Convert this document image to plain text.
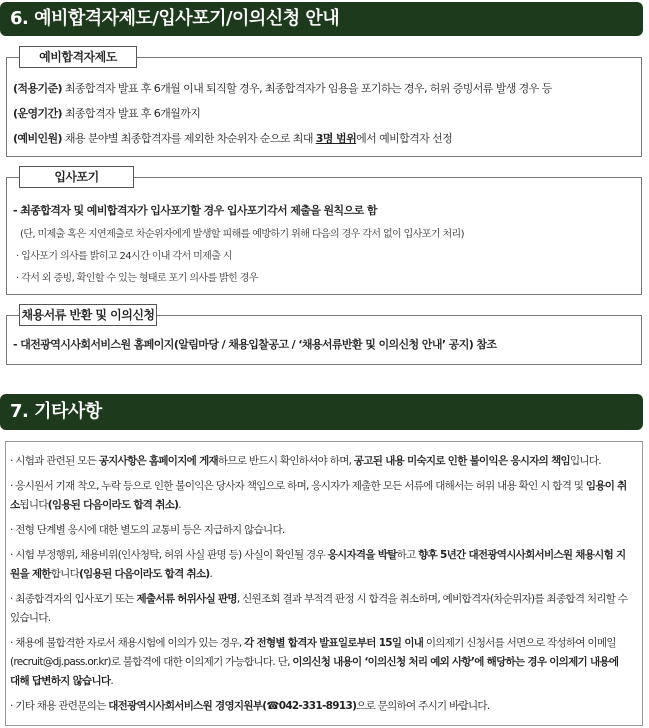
6. 예비합격자제도/입사포기/이의신청 안내
예비합격자제도
(적용기준) 최종합격자 발표 후 6개월 이내 퇴직할 경우, 최종합격자가 임용을 포기하는 경우, 허위 증빙서류 발생 경우 등
(운영기간) 최종합격자 발표 후 6개월까지
(예비인원) 채용 분야별 최종합격자를 제외한 차순위자 순으로 최대 3명 범위에서 예비합격자 선정
입사포기
- 최종합격자 및 예비합격자가 입사포기할 경우 입사포기각서 제출을 원칙으로 함
(단, 미제출 혹은 지연제출로 차순위자에게 발생할 피해를 예방하기 위해 다음의 경우 각서 없이 입사포기 처리)
· 입사포기 의사를 밝히고 24시간 이내 각서 미제출 시
· 각서 외 증빙, 확인할 수 있는 형태로 포기 의사를 밝힌 경우
채용서류 반환 및 이의신청
- 대전광역시사회서비스원 홈페이지(알림마당 / 채용입찰공고 / ‘채용서류반환 및 이의신청 안내’ 공지) 참조
7. 기타사항
· 시험과 관련된 모든 공지사항은 홈페이지에 게재하므로 반드시 확인하셔야 하며, 공고된 내용 미숙지로 인한 불이익은 응시자의 책임입니다.
· 응시원서 기재 착오, 누락 등으로 인한 불이익은 당사자 책임으로 하며, 응시자가 제출한 모든 서류에 대해서는 허위 내용 확인 시 합격 및 임용이 취소됩니다(임용된 다음이라도 합격 취소).
· 전형 단계별 응시에 대한 별도의 교통비 등은 지급하지 않습니다.
· 시험 부정행위, 채용비위(인사청탁, 허위 사실 판명 등) 사실이 확인될 경우 응시자격을 박탈하고 향후 5년간 대전광역시사회서비스원 채용시험 지원을 제한합니다(임용된 다음이라도 합격 취소).
· 최종합격자의 입사포기 또는 제출서류 허위사실 판명, 신원조회 결과 부적격 판정 시 합격을 취소하며, 예비합격자(차순위자)를 최종합격 처리할 수 있습니다.
· 채용에 불합격한 자로서 채용시험에 이의가 있는 경우, 각 전형별 합격자 발표일로부터 15일 이내 이의제기 신청서를 서면으로 작성하여 이메일(recruit@dj.pass.or.kr)로 불합격에 대한 이의제기 가능합니다. 단, 이의신청 내용이 ‘이의신청 처리 예외 사항’에 해당하는 경우 이의제기 내용에 대해 답변하지 않습니다.
· 기타 채용 관련문의는 대전광역시사회서비스원 경영지원부(☎042-331-8913)으로 문의하여 주시기 바랍니다.
